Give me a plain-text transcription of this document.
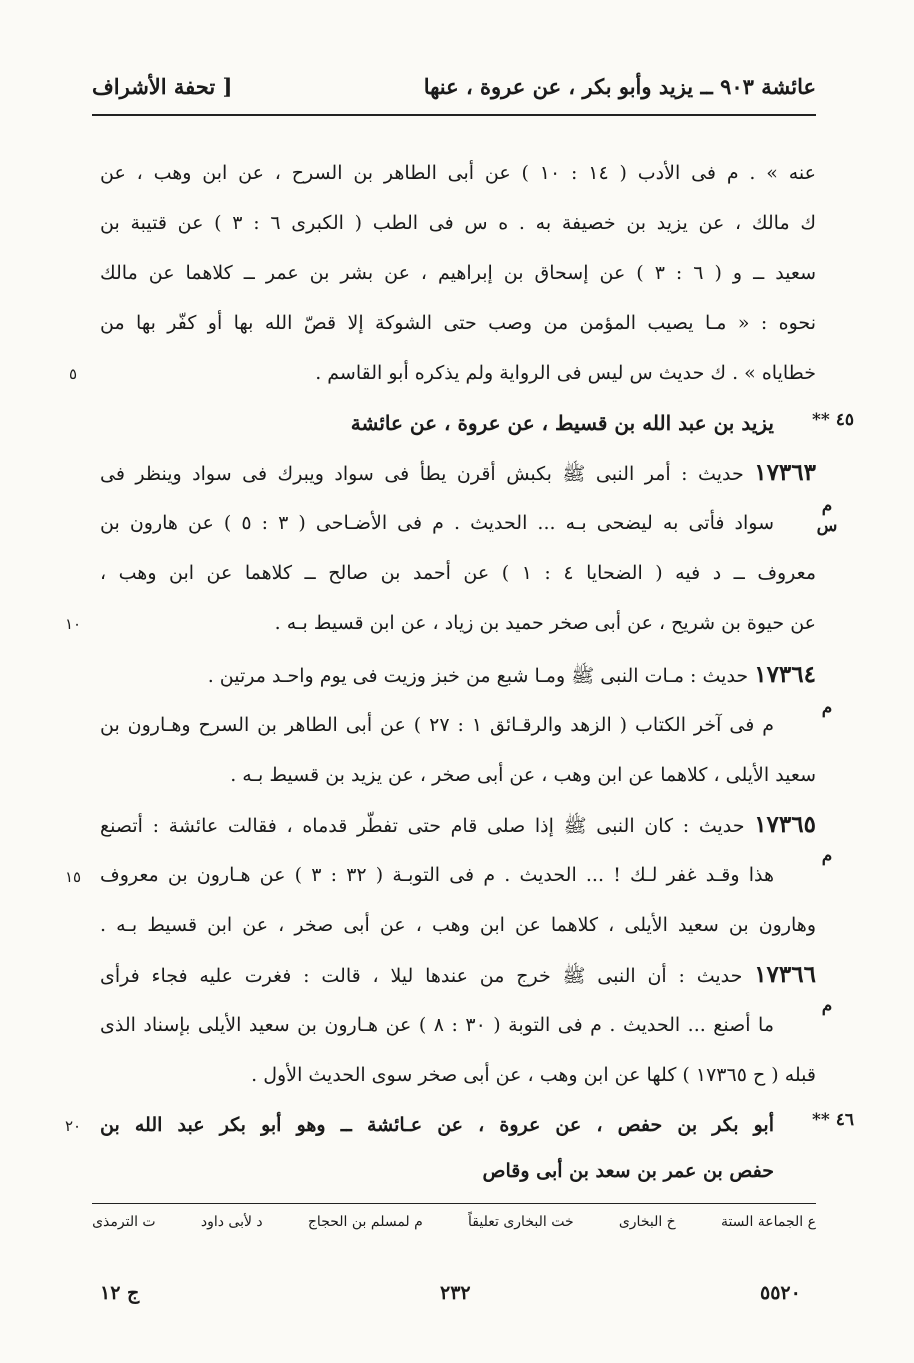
عائشة ٩٠٣ ــ يزيد وأبو بكر ، عن عروة ، عنها
[ تحفة الأشراف
عنه » . م فى الأدب ( ١٤ : ١٠ ) عن أبى الطاهر بن السرح ، عن ابن وهب ، عن
ك مالك ، عن يزيد بن خصيفة به . ه س فى الطب ( الكبرى ٦ : ٣ ) عن قتيبة بن
سعيد ــ و ( ٦ : ٣ ) عن إسحاق بن إبراهيم ، عن بشر بن عمر ــ كلاهما عن مالك
نحوه : « مـا يصيب المؤمن من وصب حتى الشوكة إلا قصّ الله بها أو كفّر بها من
خطاياه » . ك حديث س ليس فى الرواية ولم يذكره أبو القاسم .
٥
٤٥ **
يزيد بن عبد الله بن قسيط ، عن عروة ، عن عائشة
١٧٣٦٣ حديث : أمر النبى ﷺ بكبش أقرن يطأ فى سواد ويبرك فى سواد وينظر فى
م س
سواد فأتى به ليضحى بـه ... الحديث . م فى الأضـاحى ( ٣ : ٥ ) عن هارون بن
معروف ــ د فيه ( الضحايا ٤ : ١ ) عن أحمد بن صالح ــ كلاهما عن ابن وهب ،
عن حيوة بن شريح ، عن أبى صخر حميد بن زياد ، عن ابن قسيط بـه .
١٠
١٧٣٦٤ حديث : مـات النبى ﷺ ومـا شبع من خبز وزيت فى يوم واحـد مرتين .
م
م فى آخر الكتاب ( الزهد والرقـائق ١ : ٢٧ ) عن أبى الطاهر بن السرح وهـارون بن
سعيد الأيلى ، كلاهما عن ابن وهب ، عن أبى صخر ، عن يزيد بن قسيط بـه .
١٧٣٦٥ حديث : كان النبى ﷺ إذا صلى قام حتى تفطّر قدماه ، فقالت عائشة : أتصنع
م
هذا وقـد غفر لـك ! ... الحديث . م فى التوبـة ( ٣٢ : ٣ ) عن هـارون بن معروف
١٥
وهارون بن سعيد الأيلى ، كلاهما عن ابن وهب ، عن أبى صخر ، عن ابن قسيط بـه .
١٧٣٦٦ حديث : أن النبى ﷺ خرج من عندها ليلا ، قالت : فغرت عليه فجاء فرأى
م
ما أصنع ... الحديث . م فى التوبة ( ٣٠ : ٨ ) عن هـارون بن سعيد الأيلى بإسناد الذى
قبله ( ح ١٧٣٦٥ ) كلها عن ابن وهب ، عن أبى صخر سوى الحديث الأول .
٤٦ **
أبو بكر بن حفص ، عن عروة ، عن عـائشة ــ وهو أبو بكر عبد الله بن
٢٠
حفص بن عمر بن سعد بن أبى وقاص
ع الجماعة الستة
خ البخارى
خت البخارى تعليقاً
م لمسلم بن الحجاج
د لأبى داود
ت الترمذى
٥٥٢٠
٢٣٢
ج ١٢
